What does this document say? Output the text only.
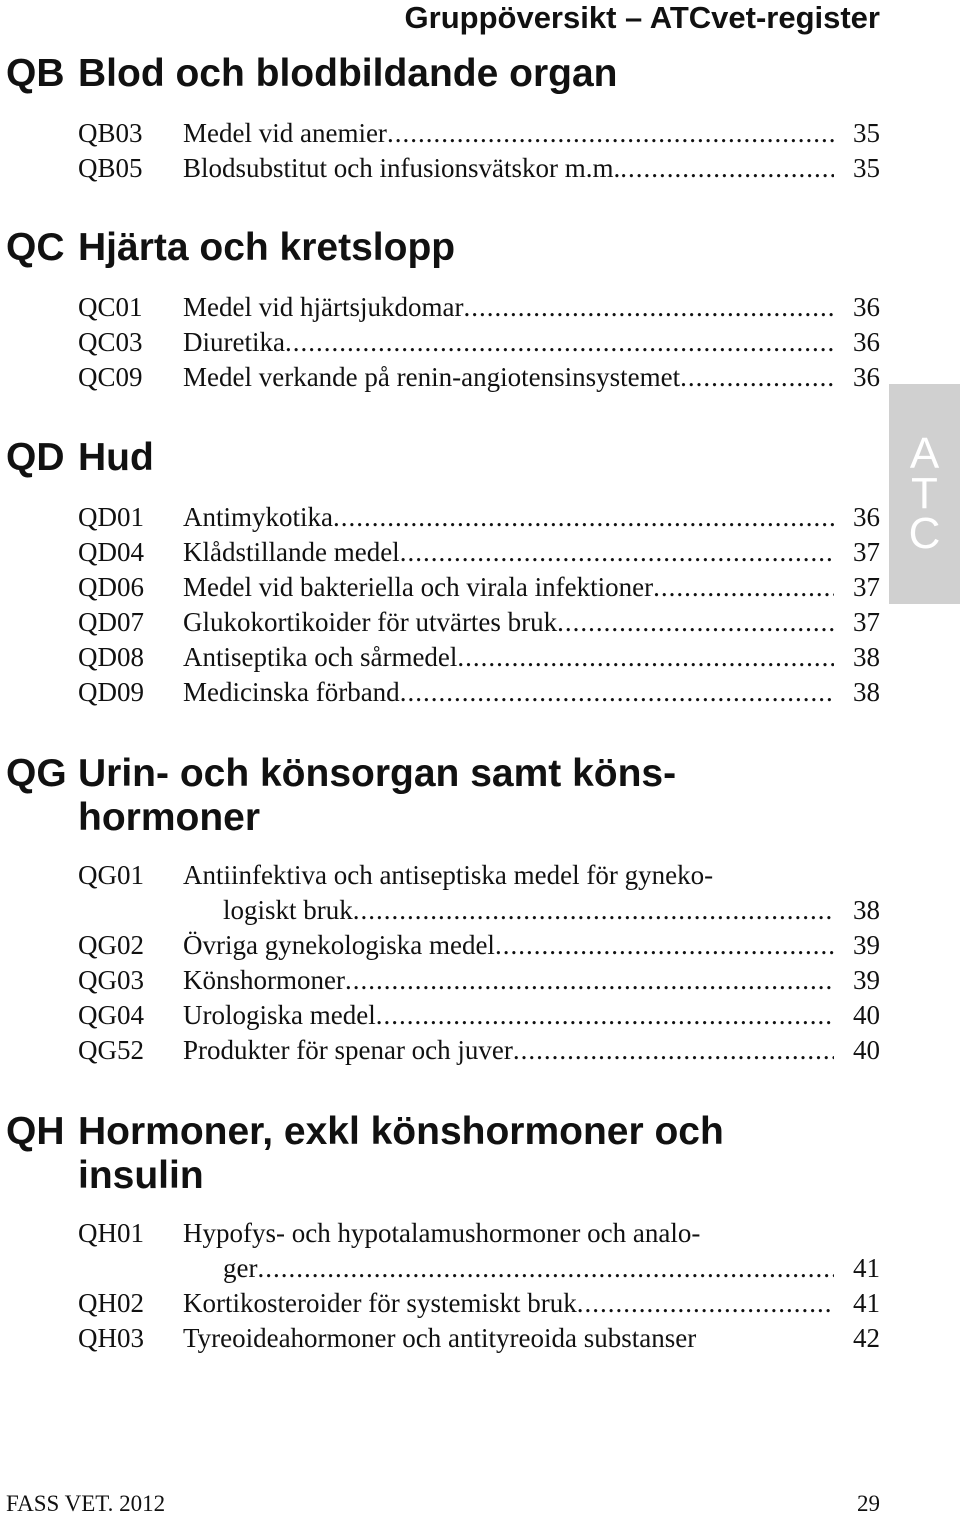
Gruppöversikt – ATCvet-register
QB Blod och blodbildande organ
QB03	Medel vid anemier .....	35
QB05	Blodsubstitut och infusionsvätskor m.m. .....	35
QC Hjärta och kretslopp
QC01	Medel vid hjärtsjukdomar .....	36
QC03	Diuretika .....	36
QC09	Medel verkande på renin-angiotensinsystemet .....	36
QD Hud
QD01	Antimykotika .....	36
QD04	Klådstillande medel .....	37
QD06	Medel vid bakteriella och virala infektioner .....	37
QD07	Glukokortikoider för utvärtes bruk .....	37
QD08	Antiseptika och sårmedel .....	38
QD09	Medicinska förband .....	38
QG Urin- och könsorgan samt köns-
hormoner
QG01	Antiinfektiva och antiseptiska medel för gyneko-
logiskt bruk .....	38
QG02	Övriga gynekologiska medel .....	39
QG03	Könshormoner .....	39
QG04	Urologiska medel .....	40
QG52	Produkter för spenar och juver .....	40
QH Hormoner, exkl könshormoner och
insulin
QH01	Hypofys- och hypotalamushormoner och analo-
ger .....	41
QH02	Kortikosteroider för systemiskt bruk .....	41
QH03	Tyreoideahormoner och antityreoida substanser	42
A
T
C
FASS VET. 2012	29
